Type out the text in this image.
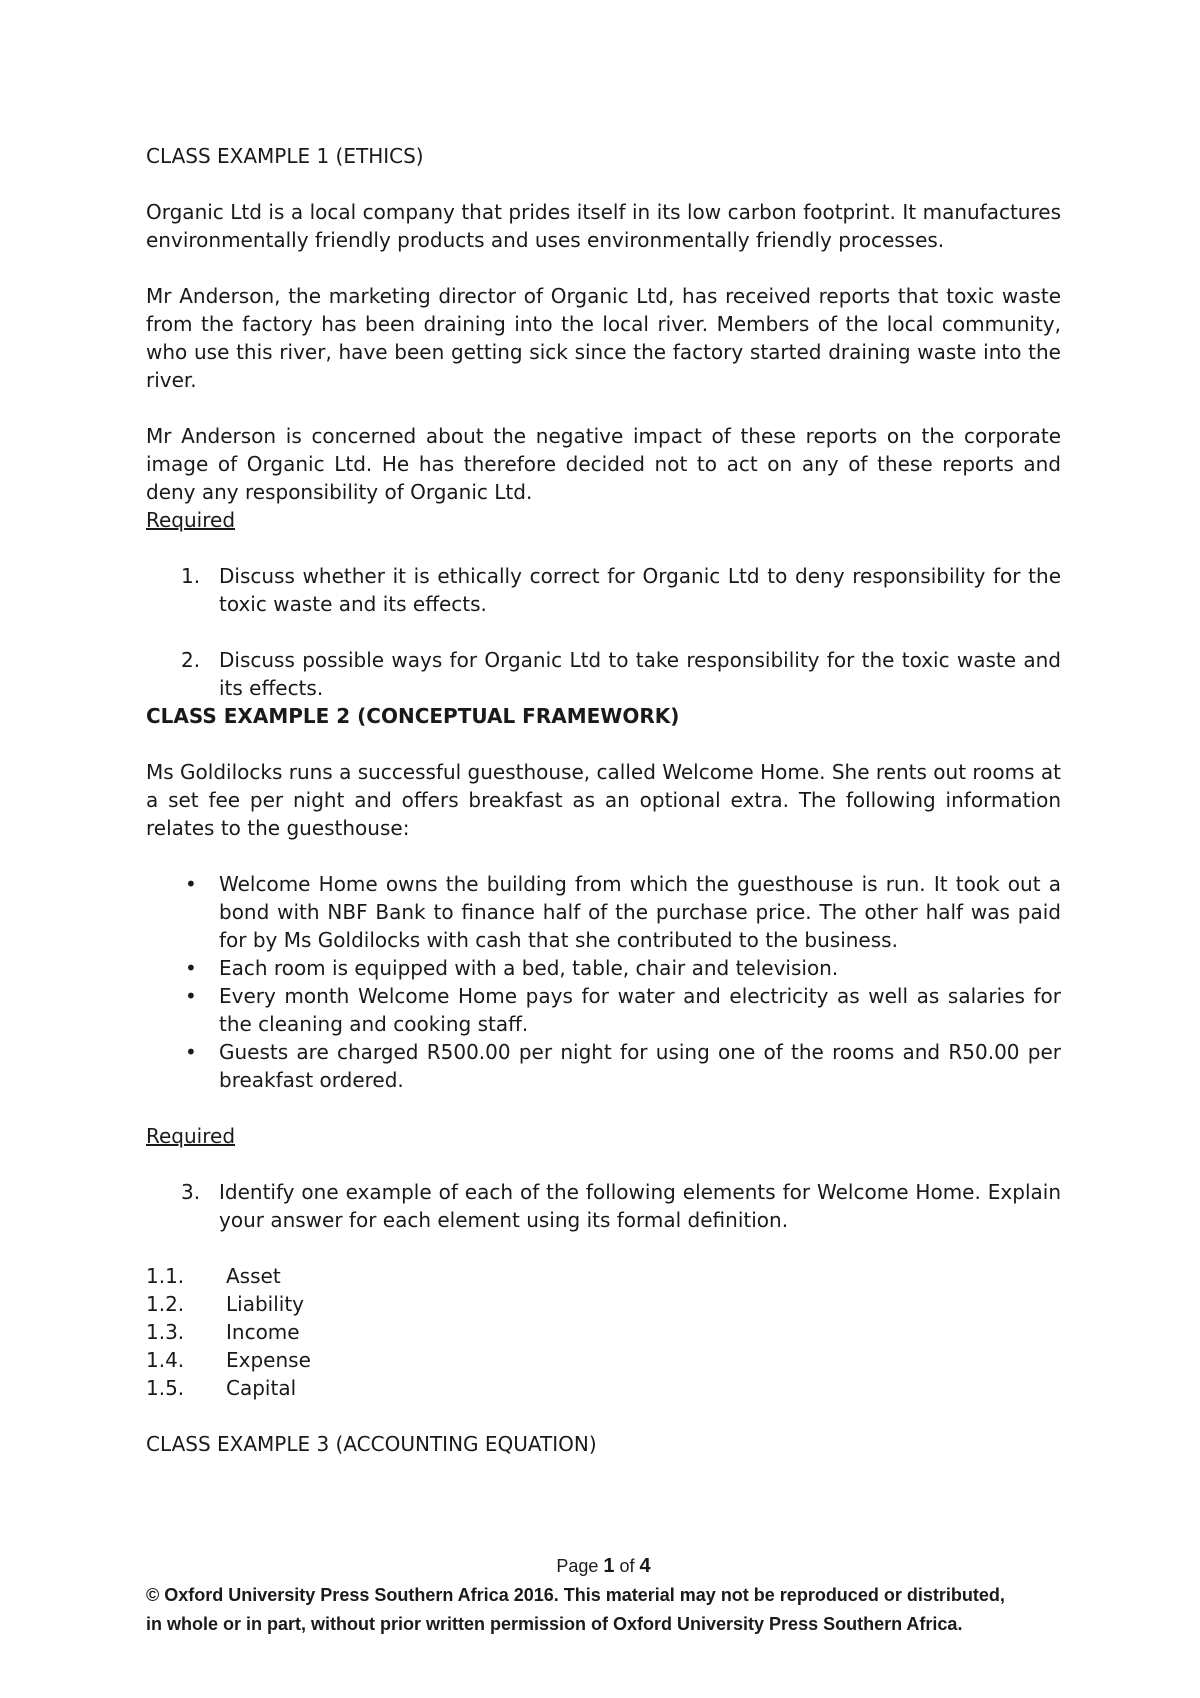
CLASS EXAMPLE 1 (ETHICS)

Organic Ltd is a local company that prides itself in its low carbon footprint. It manufactures environmentally friendly products and uses environmentally friendly processes.

Mr Anderson, the marketing director of Organic Ltd, has received reports that toxic waste from the factory has been draining into the local river. Members of the local community, who use this river, have been getting sick since the factory started draining waste into the river.

Mr Anderson is concerned about the negative impact of these reports on the corporate image of Organic Ltd. He has therefore decided not to act on any of these reports and deny any responsibility of Organic Ltd.

Required

1. Discuss whether it is ethically correct for Organic Ltd to deny responsibility for the toxic waste and its effects.
2. Discuss possible ways for Organic Ltd to take responsibility for the toxic waste and its effects.
CLASS EXAMPLE 2 (CONCEPTUAL FRAMEWORK)

Ms Goldilocks runs a successful guesthouse, called Welcome Home. She rents out rooms at a set fee per night and offers breakfast as an optional extra. The following information relates to the guesthouse:

• Welcome Home owns the building from which the guesthouse is run. It took out a bond with NBF Bank to finance half of the purchase price. The other half was paid for by Ms Goldilocks with cash that she contributed to the business.
• Each room is equipped with a bed, table, chair and television.
• Every month Welcome Home pays for water and electricity as well as salaries for the cleaning and cooking staff.
• Guests are charged R500.00 per night for using one of the rooms and R50.00 per breakfast ordered.

Required

3. Identify one example of each of the following elements for Welcome Home. Explain your answer for each element using its formal definition.
1.1. Asset
1.2. Liability
1.3. Income
1.4. Expense
1.5. Capital
CLASS EXAMPLE 3 (ACCOUNTING EQUATION)
Page 1 of 4
© Oxford University Press Southern Africa 2016. This material may not be reproduced or distributed,
in whole or in part, without prior written permission of Oxford University Press Southern Africa.
